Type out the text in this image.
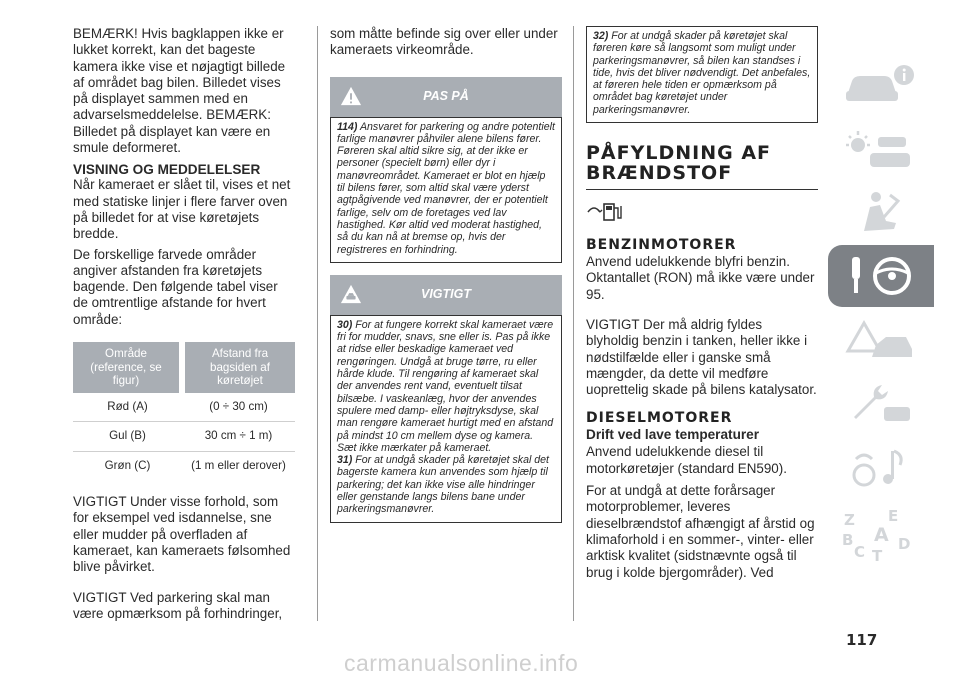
BEMÆRK! Hvis bagklappen ikke er lukket korrekt, kan det bageste kamera ikke vise et nøjagtigt billede af området bag bilen. Billedet vises på displayet sammen med en advarselsmeddelelse. BEMÆRK: Billedet på displayet kan være en smule deformeret.
VISNING OG MEDDELELSER
Når kameraet er slået til, vises et net med statiske linjer i flere farver oven på billedet for at vise køretøjets bredde.
De forskellige farvede områder angiver afstanden fra køretøjets bagende. Den følgende tabel viser de omtrentlige afstande for hvert område:
Område (reference, se figur)	Afstand fra bagsiden af køretøjet
Rød (A)	(0 ÷ 30 cm)
Gul (B)	30 cm ÷ 1 m)
Grøn (C)	(1 m eller derover)
VIGTIGT Under visse forhold, som for eksempel ved isdannelse, sne eller mudder på overfladen af kameraet, kan kameraets følsomhed blive påvirket.
VIGTIGT Ved parkering skal man være opmærksom på forhindringer,
som måtte befinde sig over eller under kameraets virkeområde.
PAS PÅ
114) Ansvaret for parkering og andre potentielt farlige manøvrer påhviler alene bilens fører. Føreren skal altid sikre sig, at der ikke er personer (specielt børn) eller dyr i manøvreområdet. Kameraet er blot en hjælp til bilens fører, som altid skal være yderst agtpågivende ved manøvrer, der er potentielt farlige, selv om de foretages ved lav hastighed. Kør altid ved moderat hastighed, så du kan nå at bremse op, hvis der registreres en forhindring.
VIGTIGT
30) For at fungere korrekt skal kameraet være fri for mudder, snavs, sne eller is. Pas på ikke at ridse eller beskadige kameraet ved rengøringen. Undgå at bruge tørre, ru eller hårde klude. Til rengøring af kameraet skal der anvendes rent vand, eventuelt tilsat bilsæbe. I vaskeanlæg, hvor der anvendes spulere med damp- eller højtryksdyse, skal man rengøre kameraet hurtigt med en afstand på mindst 10 cm mellem dyse og kamera. Sæt ikke mærkater på kameraet.
31) For at undgå skader på køretøjet skal det bagerste kamera kun anvendes som hjælp til parkering; det kan ikke vise alle hindringer eller genstande langs bilens bane under parkeringsmanøvrer.
32) For at undgå skader på køretøjet skal føreren køre så langsomt som muligt under parkeringsmanøvrer, så bilen kan standses i tide, hvis det bliver nødvendigt. Det anbefales, at føreren hele tiden er opmærksom på området bag køretøjet under parkeringsmanøvrer.
PÅFYLDNING AF
BRÆNDSTOF
BENZINMOTORER
Anvend udelukkende blyfri benzin. Oktantallet (RON) må ikke være under 95.
VIGTIGT Der må aldrig fyldes blyholdig benzin i tanken, heller ikke i nødstilfælde eller i ganske små mængder, da dette vil medføre uoprettelig skade på bilens katalysator.
DIESELMOTORER
Drift ved lave temperaturer
Anvend udelukkende diesel til motorkøretøjer (standard EN590).
For at undgå at dette forårsager motorproblemer, leveres dieselbrændstof afhængigt af årstid og klimaforhold i en sommer-, vinter- eller arktisk kvalitet (sidstnævnte også til brug i kolde bjergområder). Ved
Z E
B A
C D
T
117
carmanualsonline.info
